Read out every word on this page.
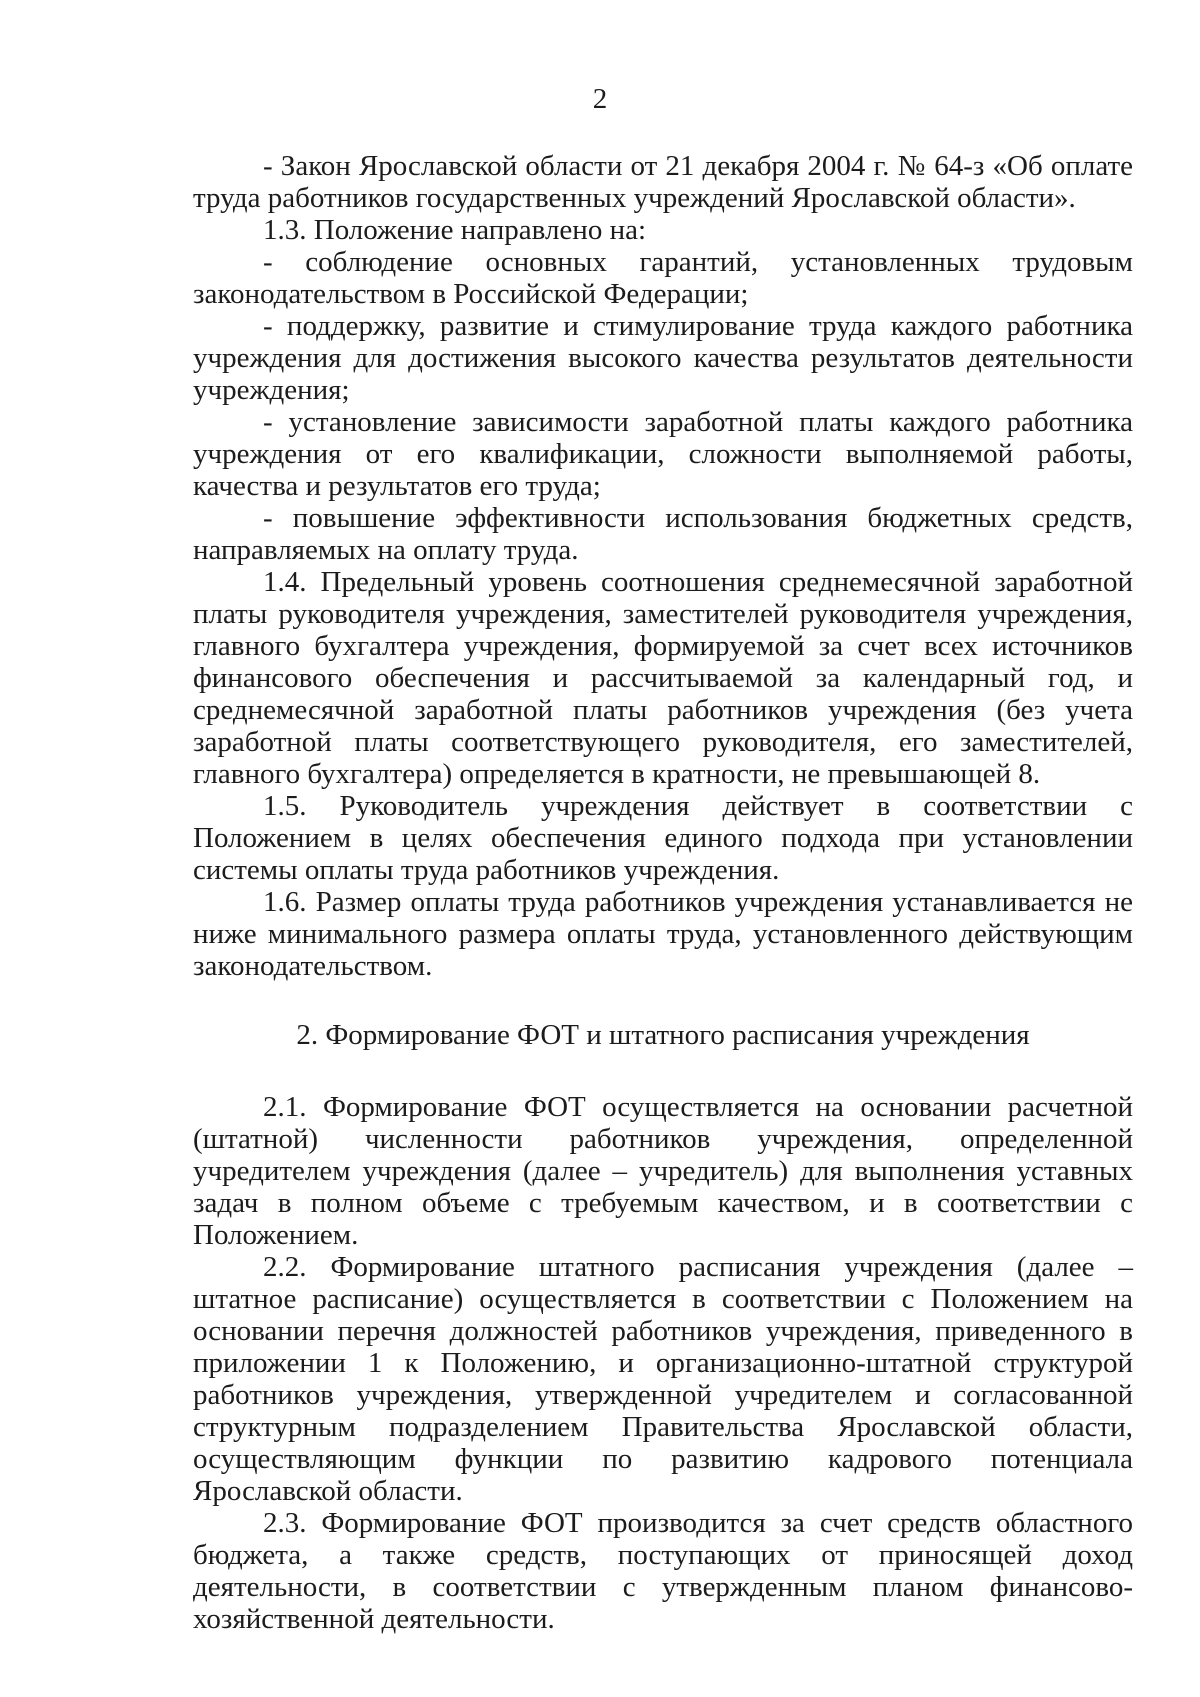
2

- Закон Ярославской области от 21 декабря 2004 г. № 64-з «Об оплате труда работников государственных учреждений Ярославской области».

1.3. Положение направлено на:

- соблюдение основных гарантий, установленных трудовым законодательством в Российской Федерации;

- поддержку, развитие и стимулирование труда каждого работника учреждения для достижения высокого качества результатов деятельности учреждения;

- установление зависимости заработной платы каждого работника учреждения от его квалификации, сложности выполняемой работы, качества и результатов его труда;

- повышение эффективности использования бюджетных средств, направляемых на оплату труда.

1.4. Предельный уровень соотношения среднемесячной заработной платы руководителя учреждения, заместителей руководителя учреждения, главного бухгалтера учреждения, формируемой за счет всех источников финансового обеспечения и рассчитываемой за календарный год, и среднемесячной заработной платы работников учреждения (без учета заработной платы соответствующего руководителя, его заместителей, главного бухгалтера) определяется в кратности, не превышающей 8.

1.5. Руководитель учреждения действует в соответствии с Положением в целях обеспечения единого подхода при установлении системы оплаты труда работников учреждения.

1.6. Размер оплаты труда работников учреждения устанавливается не ниже минимального размера оплаты труда, установленного действующим законодательством.

2. Формирование ФОТ и штатного расписания учреждения

2.1. Формирование ФОТ осуществляется на основании расчетной (штатной) численности работников учреждения, определенной учредителем учреждения (далее – учредитель) для выполнения уставных задач в полном объеме с требуемым качеством, и в соответствии с Положением.

2.2. Формирование штатного расписания учреждения (далее – штатное расписание) осуществляется в соответствии с Положением на основании перечня должностей работников учреждения, приведенного в приложении 1 к Положению, и организационно-штатной структурой работников учреждения, утвержденной учредителем и согласованной структурным подразделением Правительства Ярославской области, осуществляющим функции по развитию кадрового потенциала Ярославской области.

2.3. Формирование ФОТ производится за счет средств областного бюджета, а также средств, поступающих от приносящей доход деятельности, в соответствии с утвержденным планом финансово-хозяйственной деятельности.
